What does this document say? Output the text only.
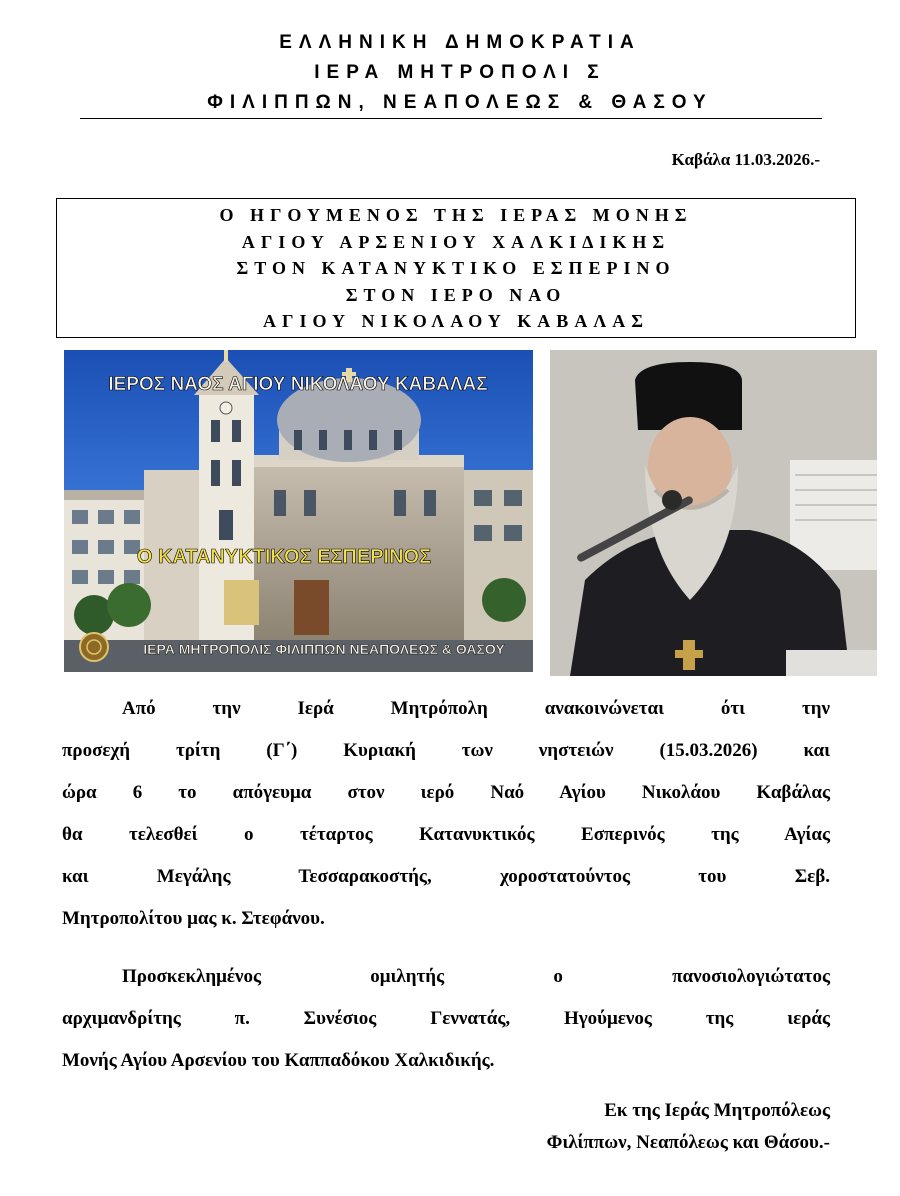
ΕΛΛΗΝΙΚΗ ΔΗΜΟΚΡΑΤΙΑ
ΙΕΡΑ ΜΗΤΡΟΠΟΛΙ Σ
ΦΙΛΙΠΠΩΝ, ΝΕΑΠΟΛΕΩΣ & ΘΑΣΟΥ
Καβάλα 11.03.2026.-
Ο ΗΓΟΥΜΕΝΟΣ ΤΗΣ ΙΕΡΑΣ ΜΟΝΗΣ
ΑΓΙΟΥ ΑΡΣΕΝΙΟΥ ΧΑΛΚΙΔΙΚΗΣ
ΣΤΟΝ ΚΑΤΑΝΥΚΤΙΚΟ ΕΣΠΕΡΙΝΟ
ΣΤΟΝ ΙΕΡΟ ΝΑΟ
ΑΓΙΟΥ ΝΙΚΟΛΑΟΥ ΚΑΒΑΛΑΣ
ΙΕΡΟΣ ΝΑΟΣ ΑΓΙΟΥ ΝΙΚΟΛΑΟΥ ΚΑΒΑΛΑΣ
Ο ΚΑΤΑΝΥΚΤΙΚΟΣ ΕΣΠΕΡΙΝΟΣ
ΙΕΡΑ ΜΗΤΡΟΠΟΛΙΣ ΦΙΛΙΠΠΩΝ ΝΕΑΠΟΛΕΩΣ & ΘΑΣΟΥ
Από την Ιερά Μητρόπολη ανακοινώνεται ότι την
προσεχή τρίτη (Γ΄) Κυριακή των νηστειών (15.03.2026) και
ώρα 6 το απόγευμα στον ιερό Ναό Αγίου Νικολάου Καβάλας
θα τελεσθεί ο τέταρτος Κατανυκτικός Εσπερινός της Αγίας
και Μεγάλης Τεσσαρακοστής, χοροστατούντος του Σεβ.
Μητροπολίτου μας κ. Στεφάνου.
Προσκεκλημένος ομιλητής ο πανοσιολογιώτατος
αρχιμανδρίτης π. Συνέσιος Γεννατάς, Ηγούμενος της ιεράς
Μονής Αγίου Αρσενίου του Καππαδόκου Χαλκιδικής.
Εκ της Ιεράς Μητροπόλεως
Φιλίππων, Νεαπόλεως και Θάσου.-
